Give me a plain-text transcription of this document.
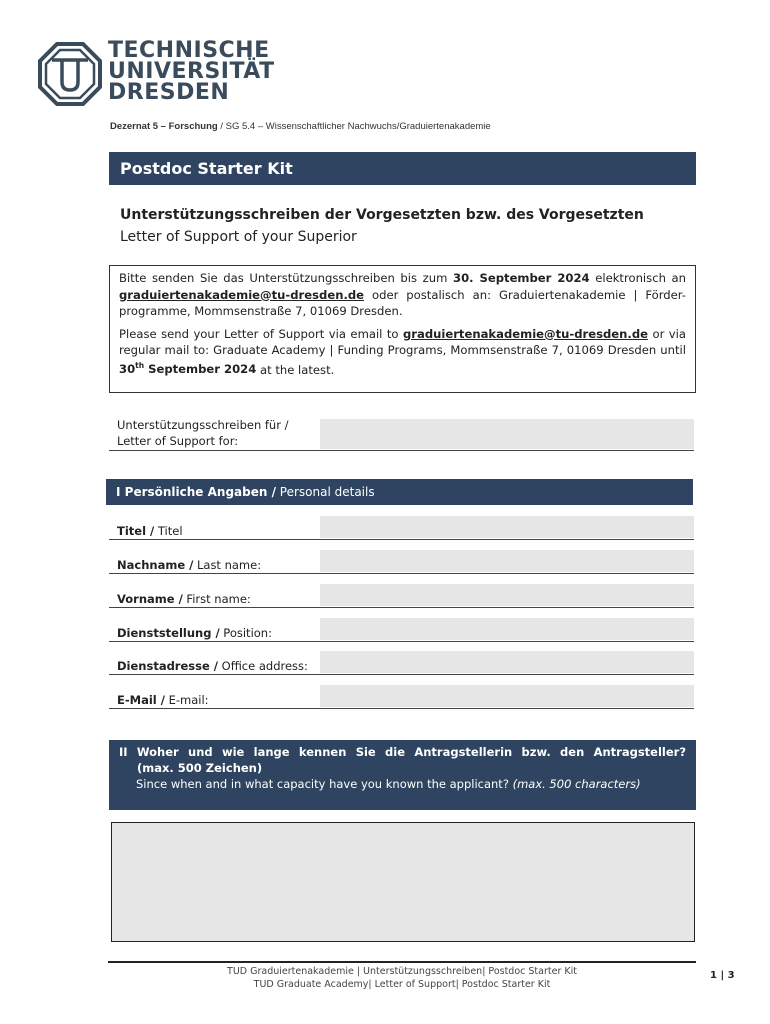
TECHNISCHE
UNIVERSITÄT
DRESDEN
Dezernat 5 – Forschung / SG 5.4 – Wissenschaftlicher Nachwuchs/Graduiertenakademie
Postdoc Starter Kit
Unterstützungsschreiben der Vorgesetzten bzw. des Vorgesetzten
Letter of Support of your Superior

Bitte senden Sie das Unterstützungsschreiben bis zum 30. September 2024 elektronisch an graduiertenakademie@tu-dresden.de oder postalisch an: Graduiertenakademie | Förder-programme, Mommsenstraße 7, 01069 Dresden.

Please send your Letter of Support via email to graduiertenakademie@tu-dresden.de or via regular mail to: Graduate Academy | Funding Programs, Mommsenstraße 7, 01069 Dresden until 30th September 2024 at the latest.

Unterstützungsschreiben für /
Letter of Support for:
I Persönliche Angaben / Personal details
Titel / Titel
Nachname / Last name:
Vorname / First name:
Dienststellung / Position:
Dienstadresse / Office address:
E-Mail / E-mail:
II Woher und wie lange kennen Sie die Antragstellerin bzw. den Antragsteller?
(max. 500 Zeichen)
Since when and in what capacity have you known the applicant? (max. 500 characters)
TUD Graduiertenakademie | Unterstützungsschreiben| Postdoc Starter Kit
TUD Graduate Academy| Letter of Support| Postdoc Starter Kit
1 | 3
